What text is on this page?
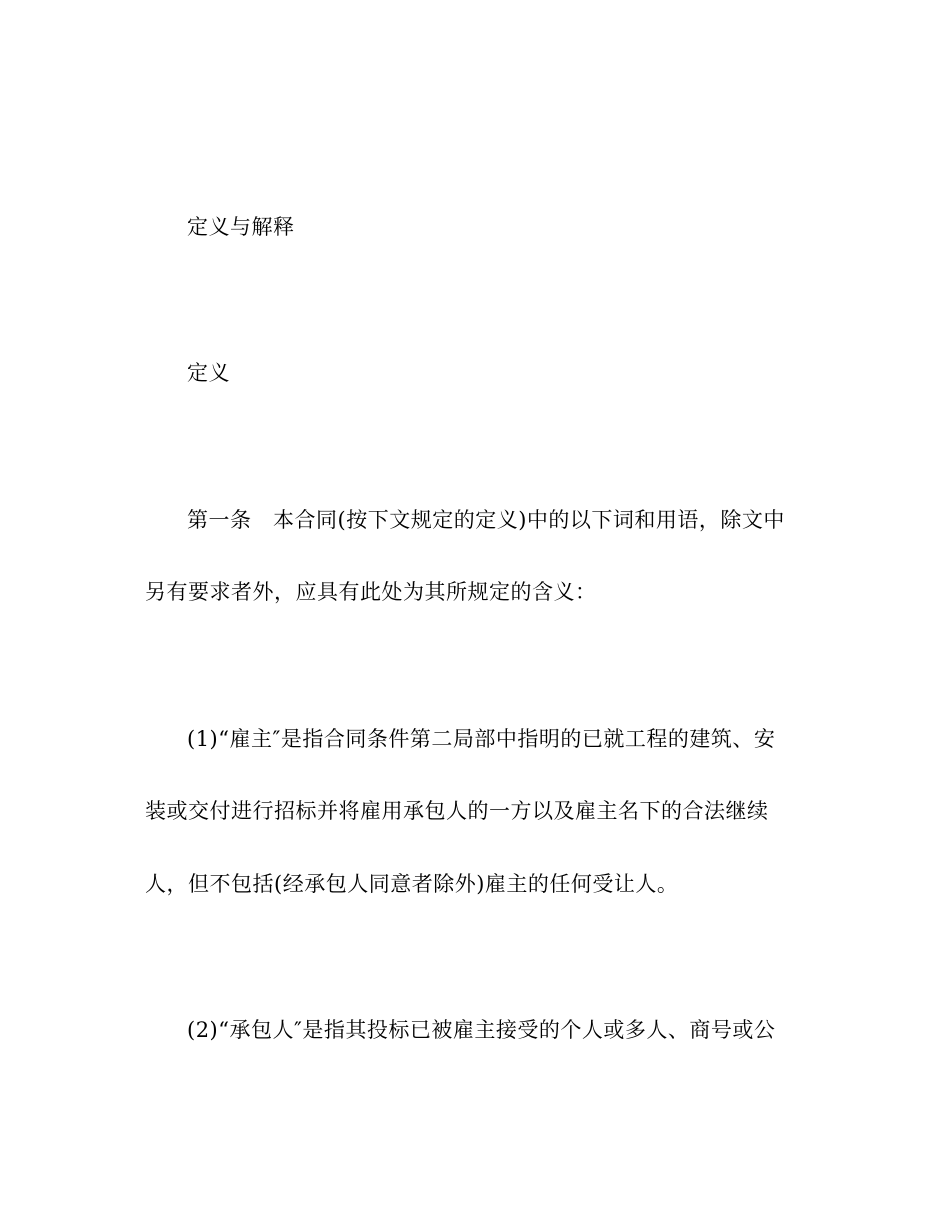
定义与解释
定义
第一条　本合同(按下文规定的定义)中的以下词和用语，除文中
另有要求者外，应具有此处为其所规定的含义：
(1)“雇主″是指合同条件第二局部中指明的已就工程的建筑、安
装或交付进行招标并将雇用承包人的一方以及雇主名下的合法继续
人，但不包括(经承包人同意者除外)雇主的任何受让人。
(2)“承包人″是指其投标已被雇主接受的个人或多人、商号或公
